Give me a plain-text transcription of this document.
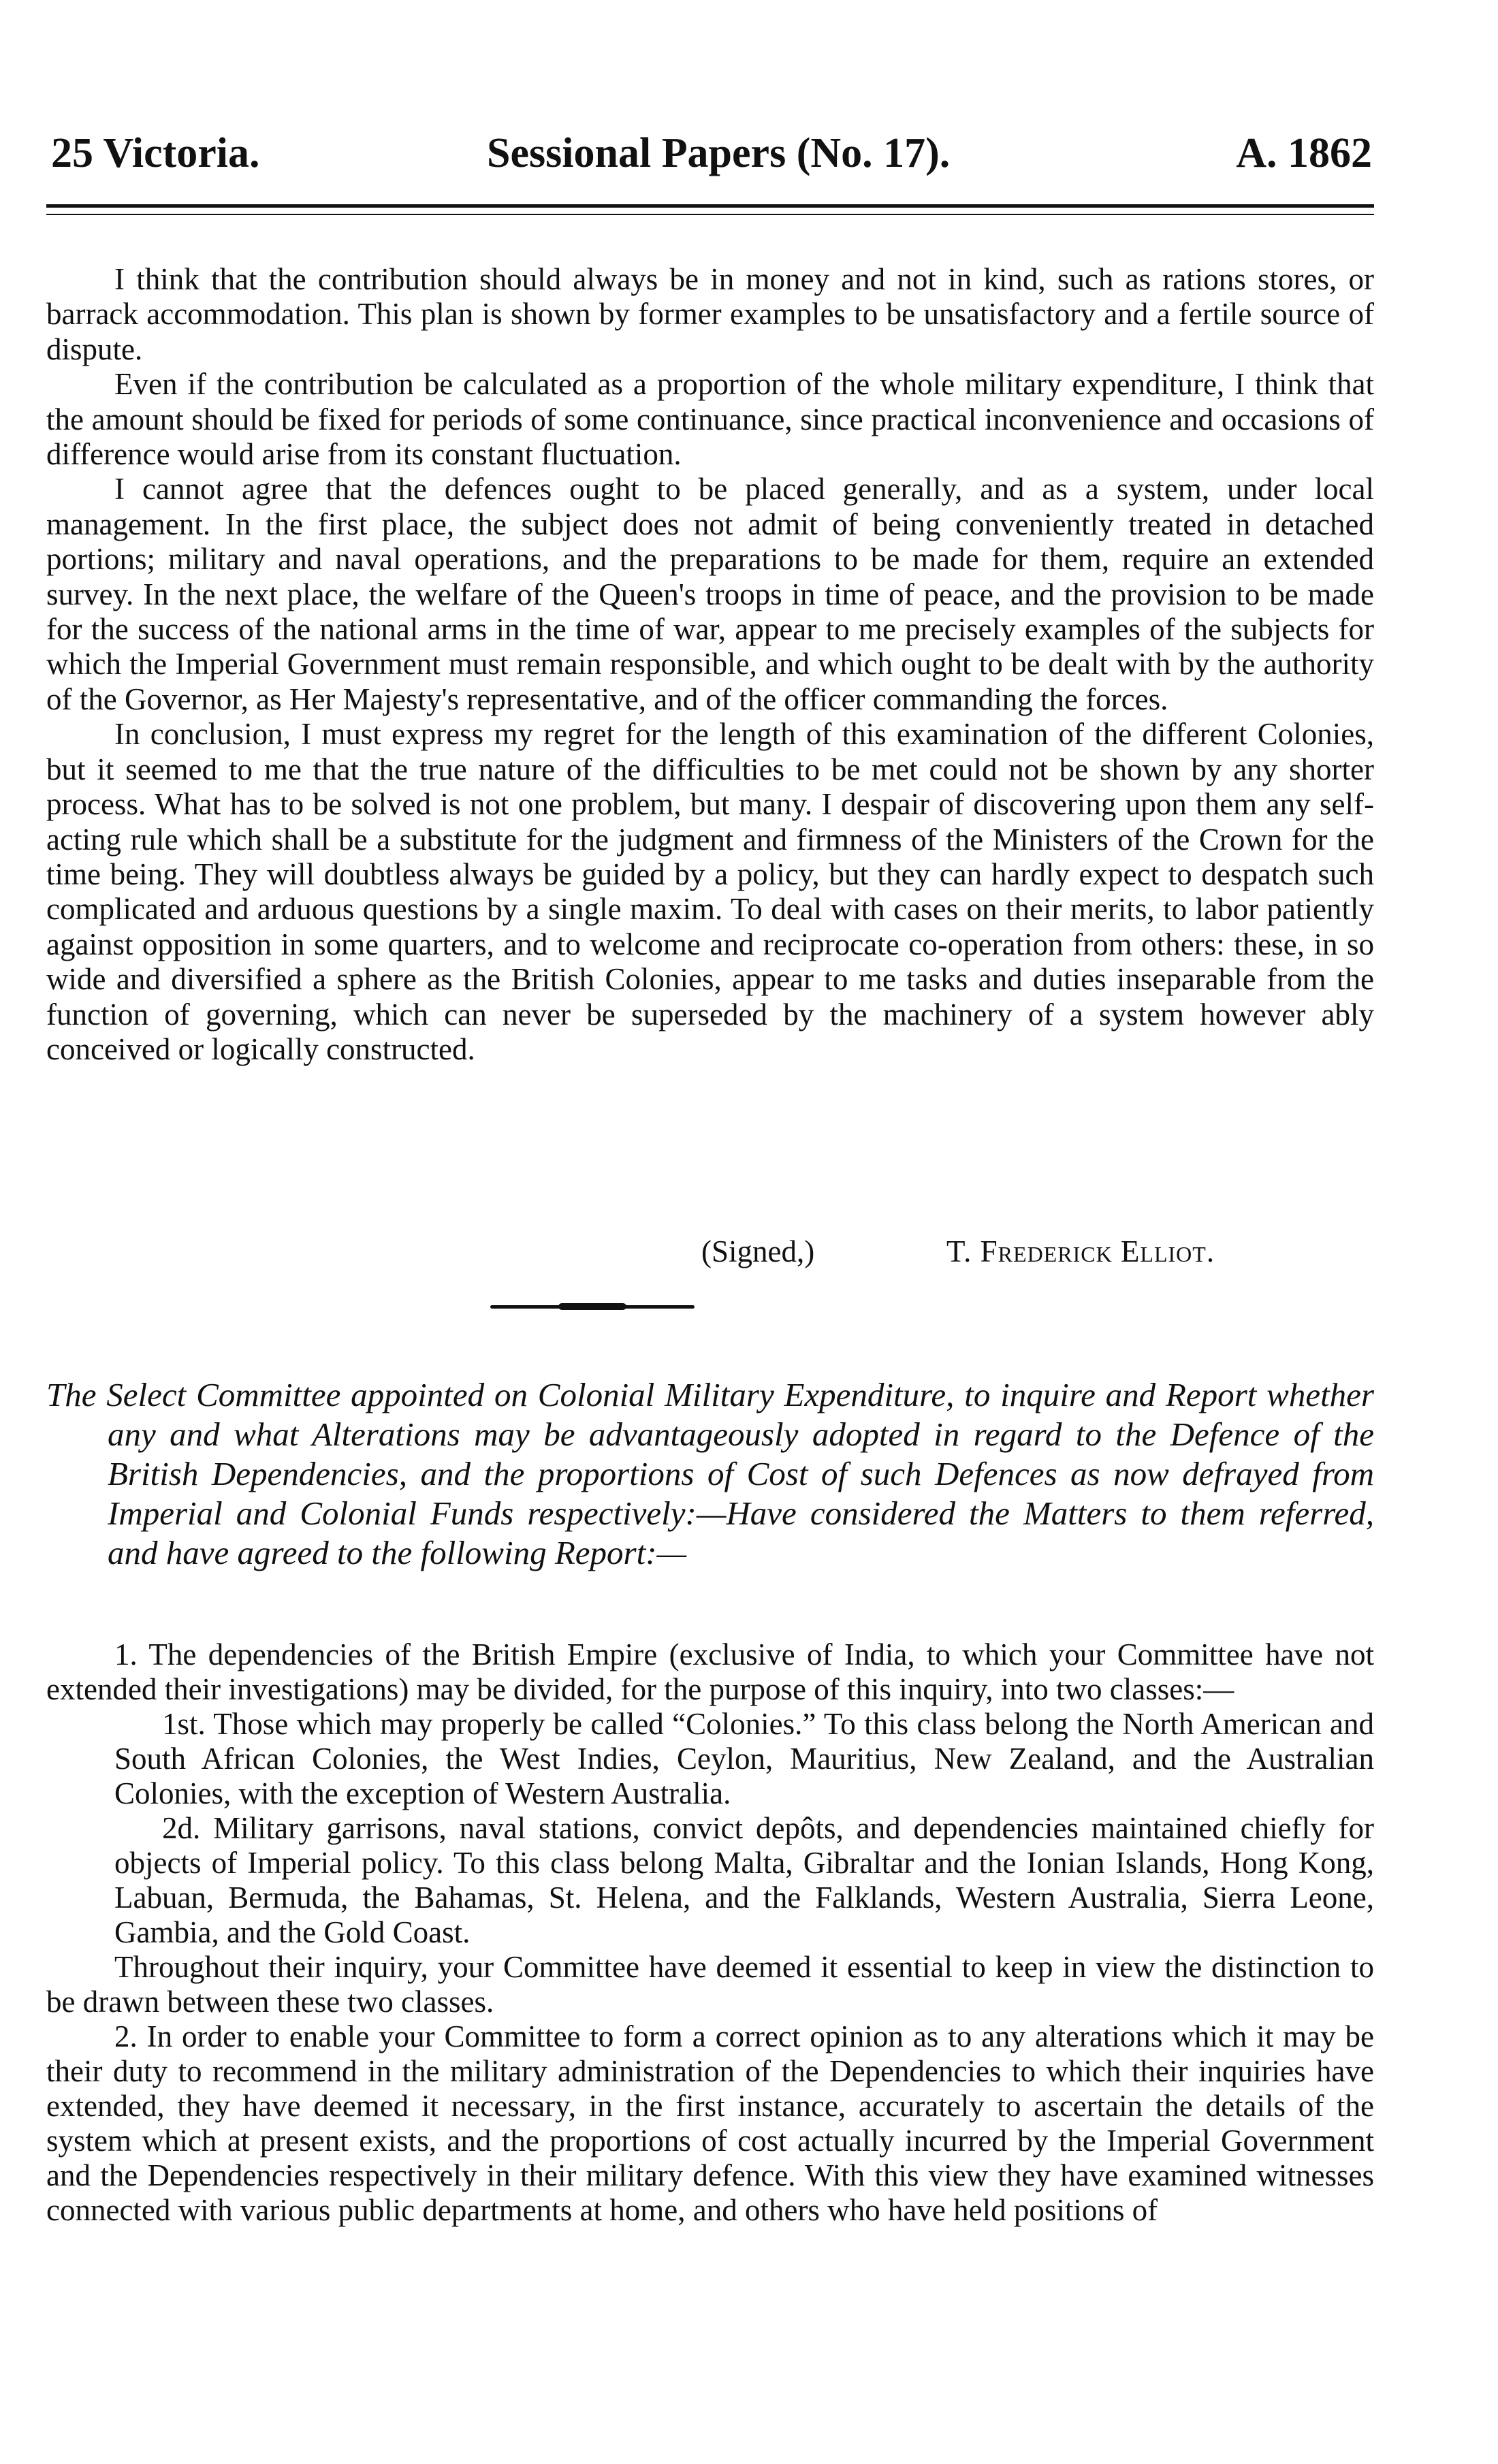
25 Victoria.	Sessional Papers (No. 17).	A. 1862

I think that the contribution should always be in money and not in kind, such as rations stores, or barrack accommodation. This plan is shown by former examples to be unsatisfactory and a fertile source of dispute.

Even if the contribution be calculated as a proportion of the whole military expenditure, I think that the amount should be fixed for periods of some continuance, since practical inconvenience and occasions of difference would arise from its constant fluctuation.

I cannot agree that the defences ought to be placed generally, and as a system, under local management. In the first place, the subject does not admit of being conveniently treated in detached portions; military and naval operations, and the preparations to be made for them, require an extended survey. In the next place, the welfare of the Queen's troops in time of peace, and the provision to be made for the success of the national arms in the time of war, appear to me precisely examples of the subjects for which the Imperial Government must remain responsible, and which ought to be dealt with by the authority of the Governor, as Her Majesty's representative, and of the officer commanding the forces.

In conclusion, I must express my regret for the length of this examination of the different Colonies, but it seemed to me that the true nature of the difficulties to be met could not be shown by any shorter process. What has to be solved is not one problem, but many. I despair of discovering upon them any self-acting rule which shall be a substitute for the judgment and firmness of the Ministers of the Crown for the time being. They will doubtless always be guided by a policy, but they can hardly expect to despatch such complicated and arduous questions by a single maxim. To deal with cases on their merits, to labor patiently against opposition in some quarters, and to welcome and reciprocate co-operation from others: these, in so wide and diversified a sphere as the British Colonies, appear to me tasks and duties inseparable from the function of governing, which can never be superseded by the machinery of a system however ably conceived or logically constructed.

(Signed,)	T. Frederick Elliot.

The Select Committee appointed on Colonial Military Expenditure, to inquire and Report whether any and what Alterations may be advantageously adopted in regard to the Defence of the British Dependencies, and the proportions of Cost of such Defences as now defrayed from Imperial and Colonial Funds respectively:—Have considered the Matters to them referred, and have agreed to the following Report:—

1. The dependencies of the British Empire (exclusive of India, to which your Committee have not extended their investigations) may be divided, for the purpose of this inquiry, into two classes:—

1st. Those which may properly be called “Colonies.” To this class belong the North American and South African Colonies, the West Indies, Ceylon, Mauritius, New Zealand, and the Australian Colonies, with the exception of Western Australia.

2d. Military garrisons, naval stations, convict depôts, and dependencies maintained chiefly for objects of Imperial policy. To this class belong Malta, Gibraltar and the Ionian Islands, Hong Kong, Labuan, Bermuda, the Bahamas, St. Helena, and the Falklands, Western Australia, Sierra Leone, Gambia, and the Gold Coast.

Throughout their inquiry, your Committee have deemed it essential to keep in view the distinction to be drawn between these two classes.

2. In order to enable your Committee to form a correct opinion as to any alterations which it may be their duty to recommend in the military administration of the Dependencies to which their inquiries have extended, they have deemed it necessary, in the first instance, accurately to ascertain the details of the system which at present exists, and the proportions of cost actually incurred by the Imperial Government and the Dependencies respectively in their military defence. With this view they have examined witnesses connected with various public departments at home, and others who have held positions of
